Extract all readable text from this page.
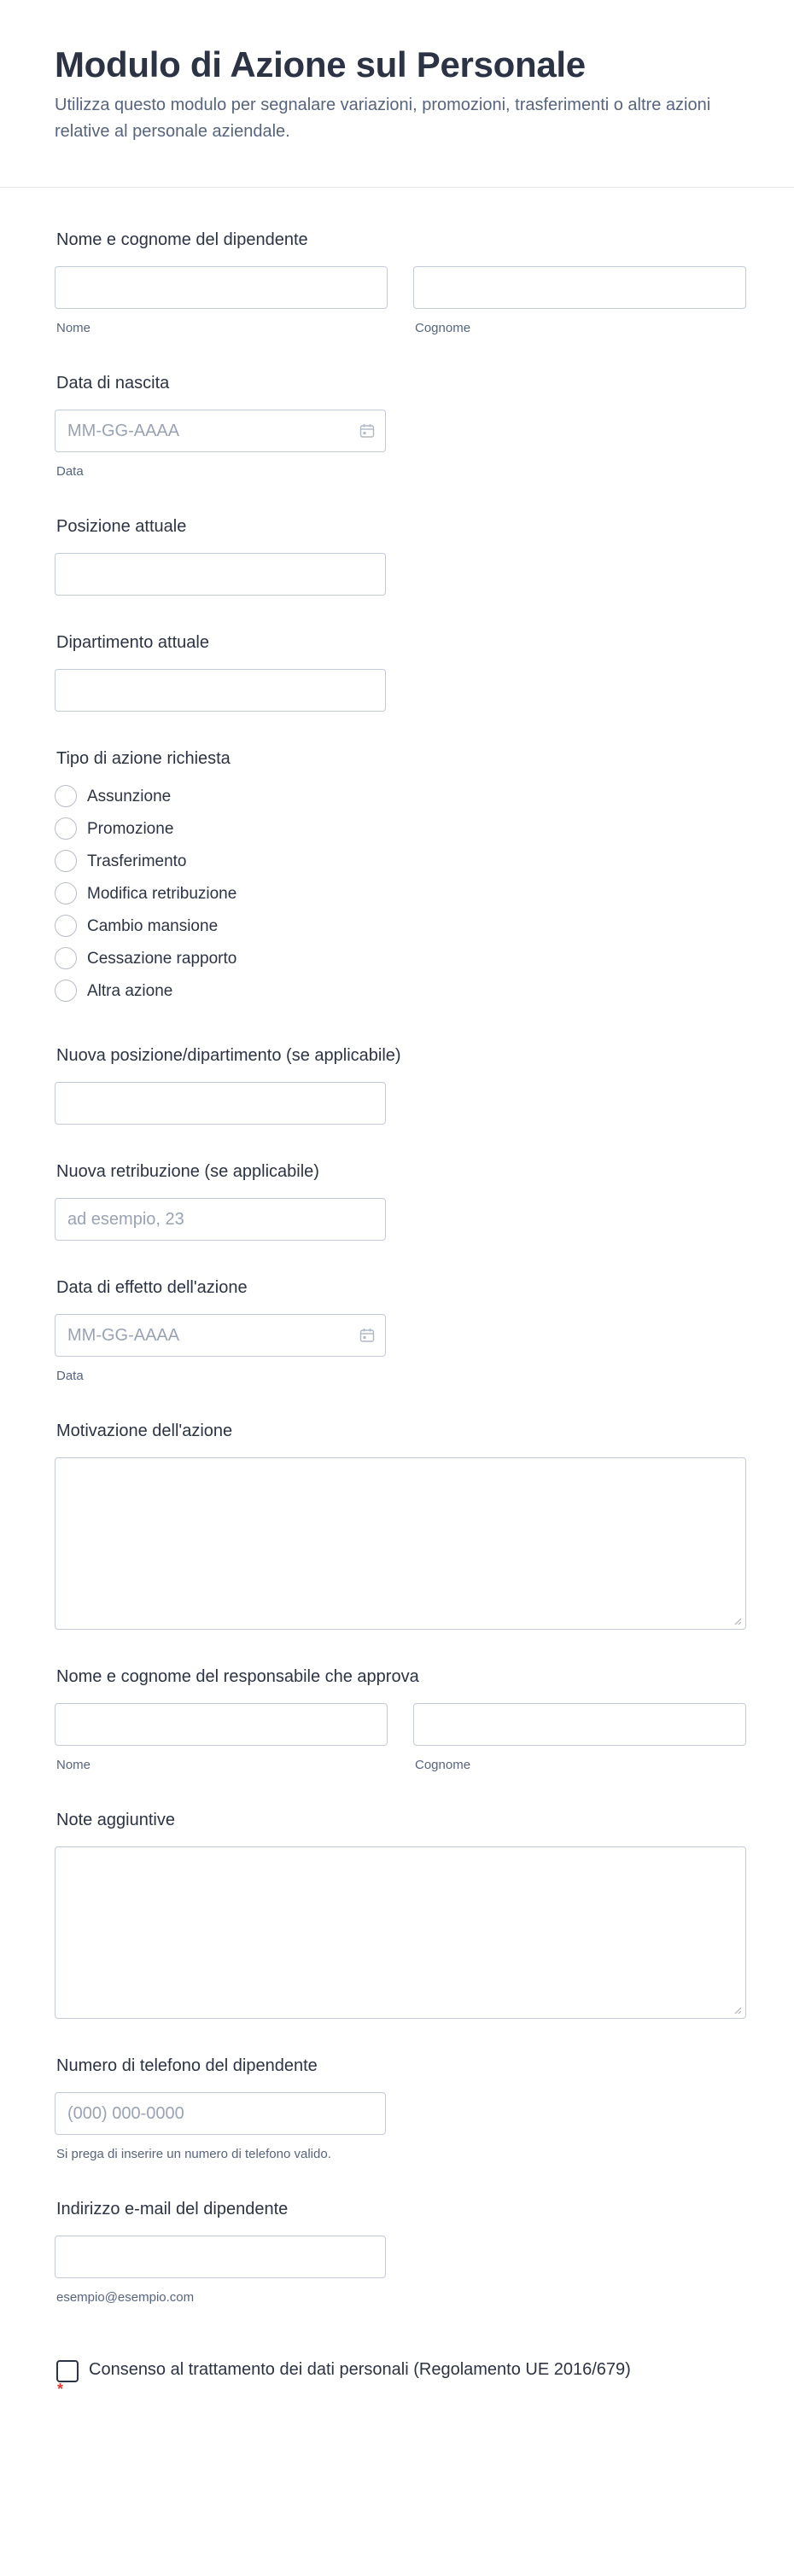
Modulo di Azione sul Personale
Utilizza questo modulo per segnalare variazioni, promozioni, trasferimenti o altre azioni relative al personale aziendale.
Nome e cognome del dipendente
Nome	Cognome
Data di nascita
MM-GG-AAAA
Data
Posizione attuale
Dipartimento attuale
Tipo di azione richiesta
Assunzione
Promozione
Trasferimento
Modifica retribuzione
Cambio mansione
Cessazione rapporto
Altra azione
Nuova posizione/dipartimento (se applicabile)
Nuova retribuzione (se applicabile)
ad esempio, 23
Data di effetto dell'azione
MM-GG-AAAA
Data
Motivazione dell'azione
Nome e cognome del responsabile che approva
Nome	Cognome
Note aggiuntive
Numero di telefono del dipendente
(000) 000-0000
Si prega di inserire un numero di telefono valido.
Indirizzo e-mail del dipendente
esempio@esempio.com
Consenso al trattamento dei dati personali (Regolamento UE 2016/679)
*
